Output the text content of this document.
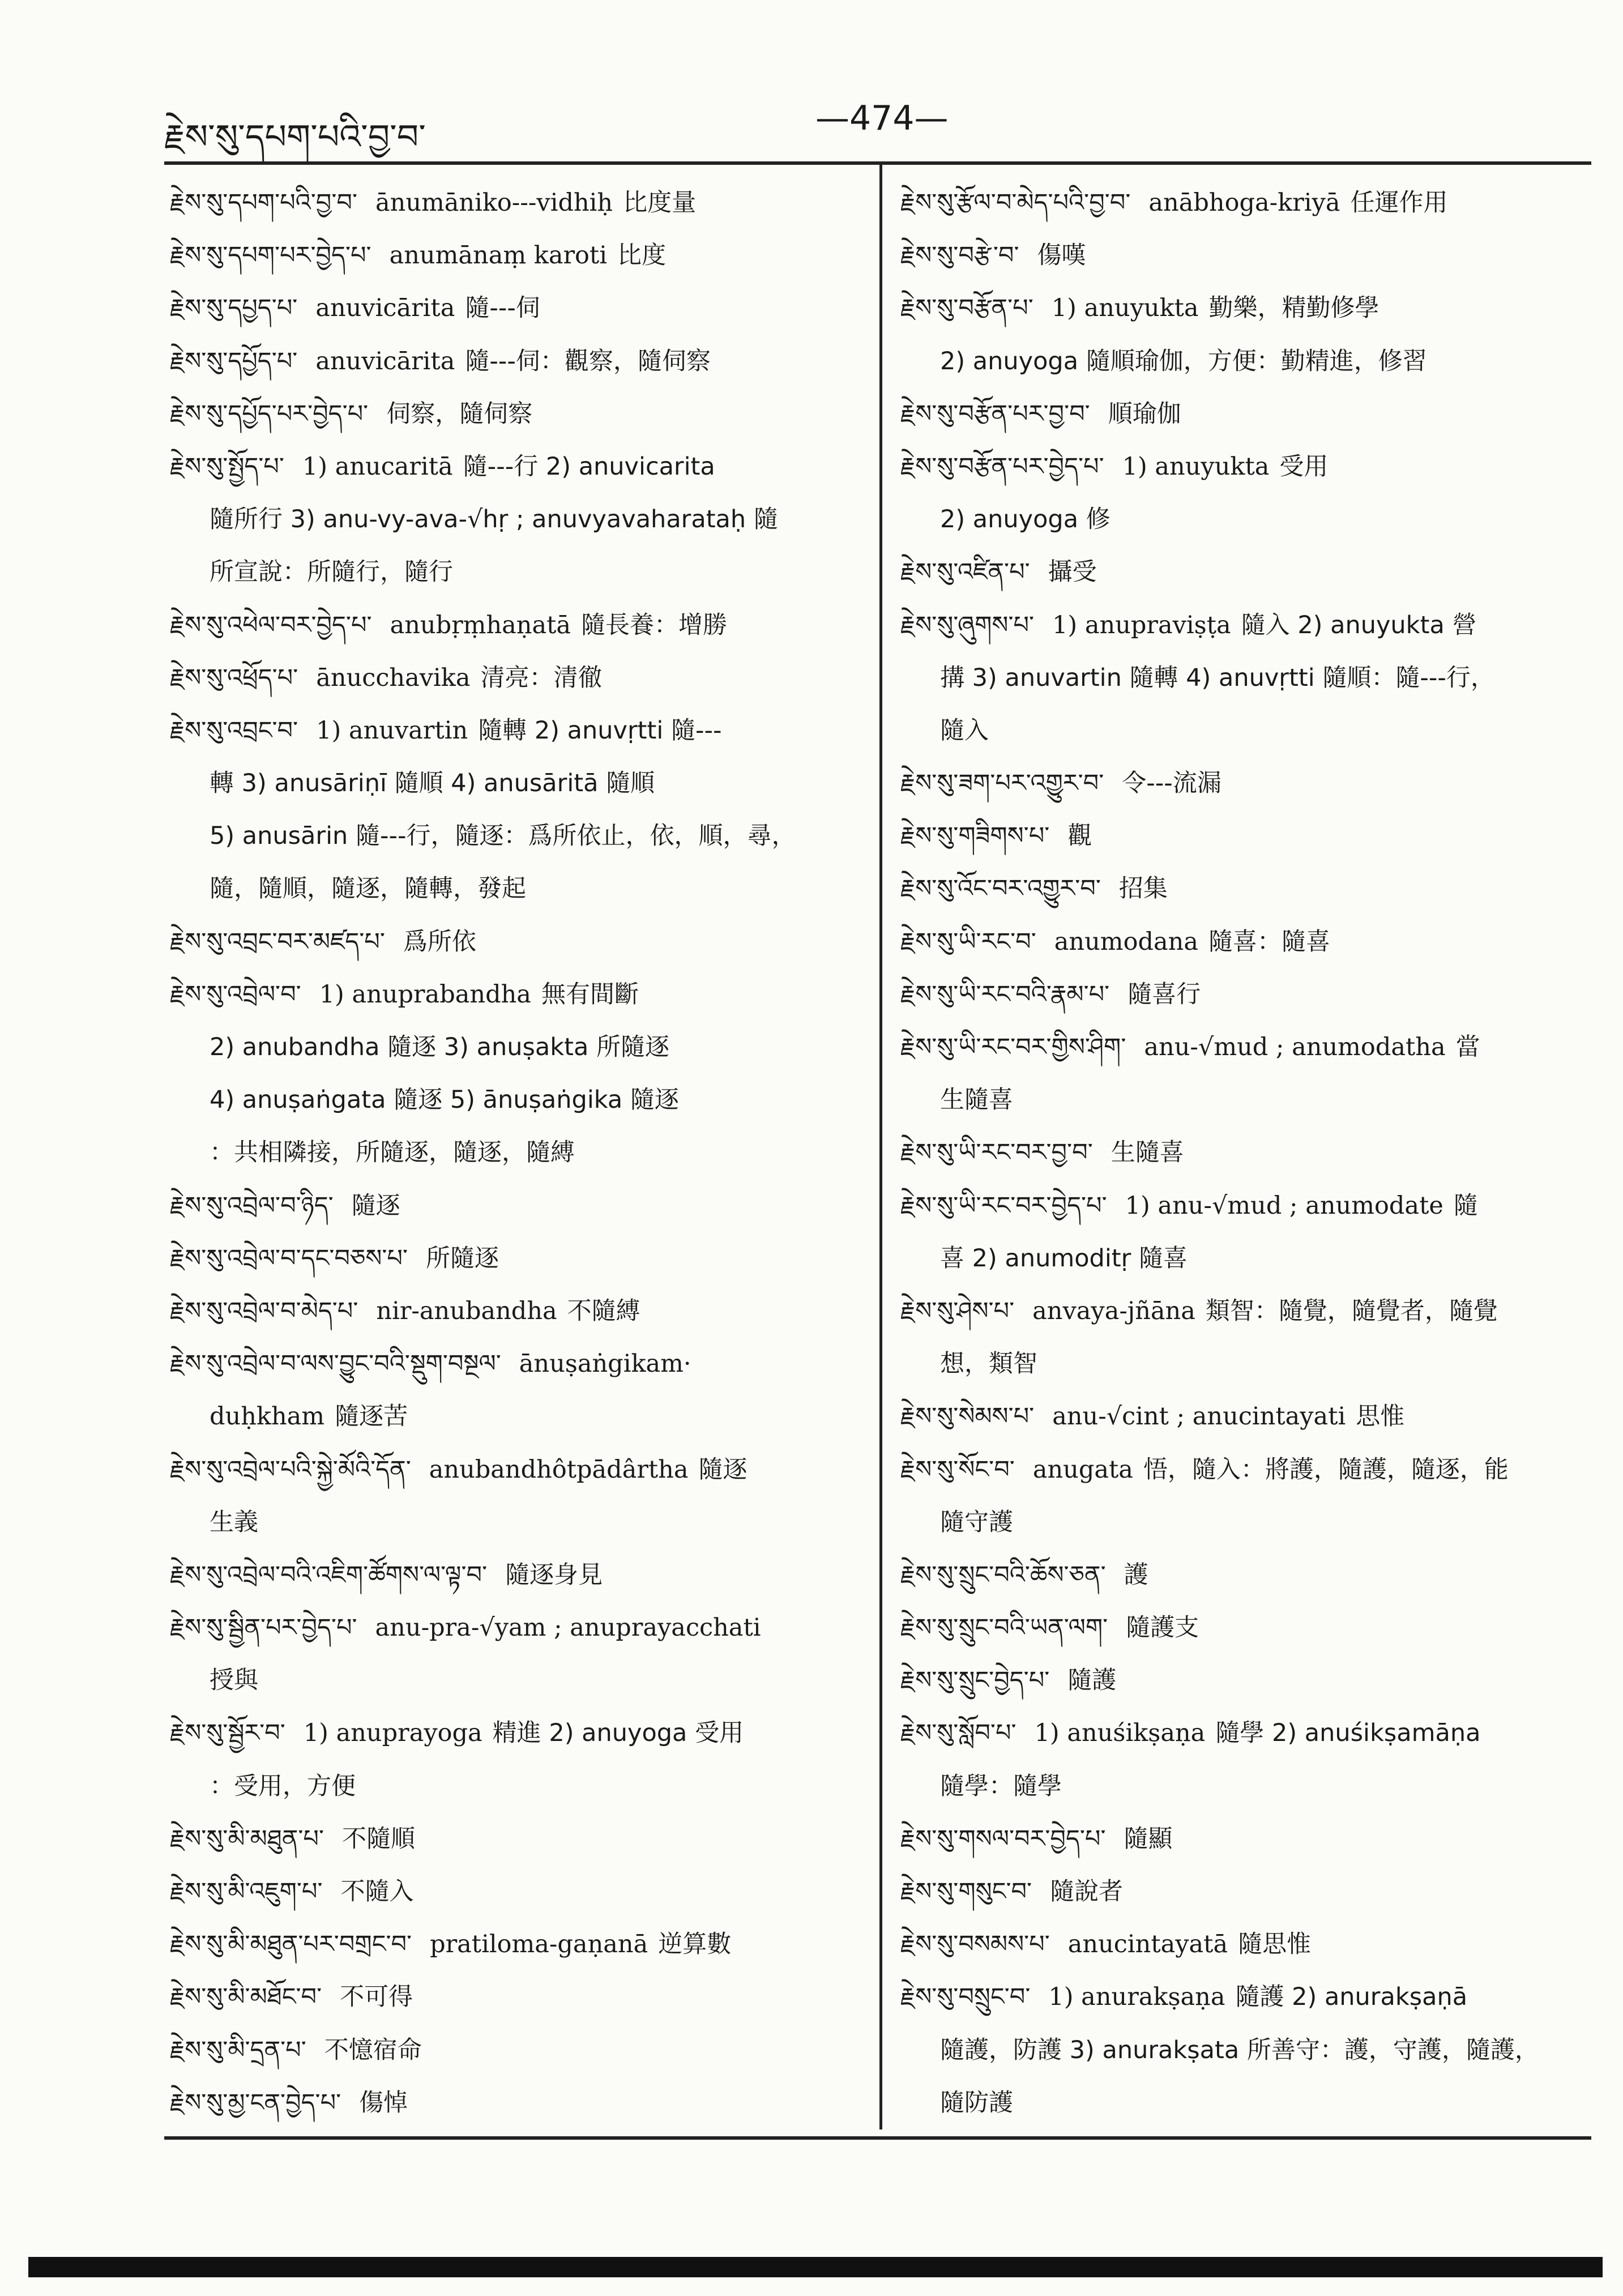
རྗེས་སུ་དཔག་པའི་བྱ་བ་	—474—
རྗེས་སུ་དཔག་པའི་བྱ་བ་ ānumāniko---vidhiḥ 比度量
རྗེས་སུ་དཔག་པར་བྱེད་པ་ anumānaṃ karoti 比度
རྗེས་སུ་དཔྱད་པ་ anuvicārita 隨---伺
རྗེས་སུ་དཔྱོད་པ་ anuvicārita 隨---伺：觀察，隨伺察
རྗེས་སུ་དཔྱོད་པར་བྱེད་པ་ 伺察，隨伺察
རྗེས་སུ་སྤྱོད་པ་ 1) anucaritā 隨---行 2) anuvicarita
隨所行 3) anu-vy-ava-√hṛ ; anuvyavaharataḥ 隨
所宣說：所隨行，隨行
རྗེས་སུ་འཕེལ་བར་བྱེད་པ་ anubṛṃhaṇatā 隨長養：增勝
རྗེས་སུ་འཕྲོད་པ་ ānucchavika 清亮：清徹
རྗེས་སུ་འབྲང་བ་ 1) anuvartin 隨轉 2) anuvṛtti 隨---
轉 3) anusāriṇī 隨順 4) anusāritā 隨順
5) anusārin 隨---行，隨逐：爲所依止，依，順，尋，
隨，隨順，隨逐，隨轉，發起
རྗེས་སུ་འབྲང་བར་མཛད་པ་ 爲所依
རྗེས་སུ་འབྲེལ་བ་ 1) anuprabandha 無有間斷
2) anubandha 隨逐 3) anuṣakta 所隨逐
4) anuṣaṅgata 隨逐 5) ānuṣaṅgika 隨逐
：共相隣接，所隨逐，隨逐，隨縛
རྗེས་སུ་འབྲེལ་བ་ཉིད་ 隨逐
རྗེས་སུ་འབྲེལ་བ་དང་བཅས་པ་ 所隨逐
རྗེས་སུ་འབྲེལ་བ་མེད་པ་ nir-anubandha 不隨縛
རྗེས་སུ་འབྲེལ་བ་ལས་བྱུང་བའི་སྡུག་བསྔལ་ ānuṣaṅgikam·
duḥkham 隨逐苦
རྗེས་སུ་འབྲེལ་པའི་སྐྱེ་མོའི་དོན་ anubandhôtpādârtha 隨逐
生義
རྗེས་སུ་འབྲེལ་བའི་འཇིག་ཚོགས་ལ་ལྟ་བ་ 隨逐身見
རྗེས་སུ་སྦྱིན་པར་བྱེད་པ་ anu-pra-√yam ; anuprayacchati
授與
རྗེས་སུ་སྦྱོར་བ་ 1) anuprayoga 精進 2) anuyoga 受用
：受用，方便
རྗེས་སུ་མི་མཐུན་པ་ 不隨順
རྗེས་སུ་མི་འཇུག་པ་ 不隨入
རྗེས་སུ་མི་མཐུན་པར་བགྲང་བ་ pratiloma-gaṇanā 逆算數
རྗེས་སུ་མི་མཐོང་བ་ 不可得
རྗེས་སུ་མི་དྲན་པ་ 不憶宿命
རྗེས་སུ་མྱ་ངན་བྱེད་པ་ 傷悼
རྗེས་སུ་རྩོལ་བ་མེད་པའི་བྱ་བ་ anābhoga-kriyā 任運作用
རྗེས་སུ་བརྩེ་བ་ 傷嘆
རྗེས་སུ་བརྩོན་པ་ 1) anuyukta 勤樂，精勤修學
2) anuyoga 隨順瑜伽，方便：勤精進，修習
རྗེས་སུ་བརྩོན་པར་བྱ་བ་ 順瑜伽
རྗེས་སུ་བརྩོན་པར་བྱེད་པ་ 1) anuyukta 受用
2) anuyoga 修
རྗེས་སུ་འཛིན་པ་ 攝受
རྗེས་སུ་ཞུགས་པ་ 1) anupraviṣṭa 隨入 2) anuyukta 營
搆 3) anuvartin 隨轉 4) anuvṛtti 隨順：隨---行，
隨入
རྗེས་སུ་ཟག་པར་འགྱུར་བ་ 令---流漏
རྗེས་སུ་གཟིགས་པ་ 觀
རྗེས་སུ་འོང་བར་འགྱུར་བ་ 招集
རྗེས་སུ་ཡི་རང་བ་ anumodana 隨喜：隨喜
རྗེས་སུ་ཡི་རང་བའི་རྣམ་པ་ 隨喜行
རྗེས་སུ་ཡི་རང་བར་གྱིས་ཤིག་ anu-√mud ; anumodatha 當
生隨喜
རྗེས་སུ་ཡི་རང་བར་བྱ་བ་ 生隨喜
རྗེས་སུ་ཡི་རང་བར་བྱེད་པ་ 1) anu-√mud ; anumodate 隨
喜 2) anumoditṛ 隨喜
རྗེས་སུ་ཤེས་པ་ anvaya-jñāna 類智：隨覺，隨覺者，隨覺
想，類智
རྗེས་སུ་སེམས་པ་ anu-√cint ; anucintayati 思惟
རྗེས་སུ་སོང་བ་ anugata 悟，隨入：將護，隨護，隨逐，能
隨守護
རྗེས་སུ་སྲུང་བའི་ཆོས་ཅན་ 護
རྗེས་སུ་སྲུང་བའི་ཡན་ལག་ 隨護支
རྗེས་སུ་སྲུང་བྱེད་པ་ 隨護
རྗེས་སུ་སློབ་པ་ 1) anuśikṣaṇa 隨學 2) anuśikṣamāṇa
隨學：隨學
རྗེས་སུ་གསལ་བར་བྱེད་པ་ 隨顯
རྗེས་སུ་གསུང་བ་ 隨說者
རྗེས་སུ་བསམས་པ་ anucintayatā 隨思惟
རྗེས་སུ་བསྲུང་བ་ 1) anurakṣaṇa 隨護 2) anurakṣaṇā
隨護，防護 3) anurakṣata 所善守：護，守護，隨護，
隨防護
